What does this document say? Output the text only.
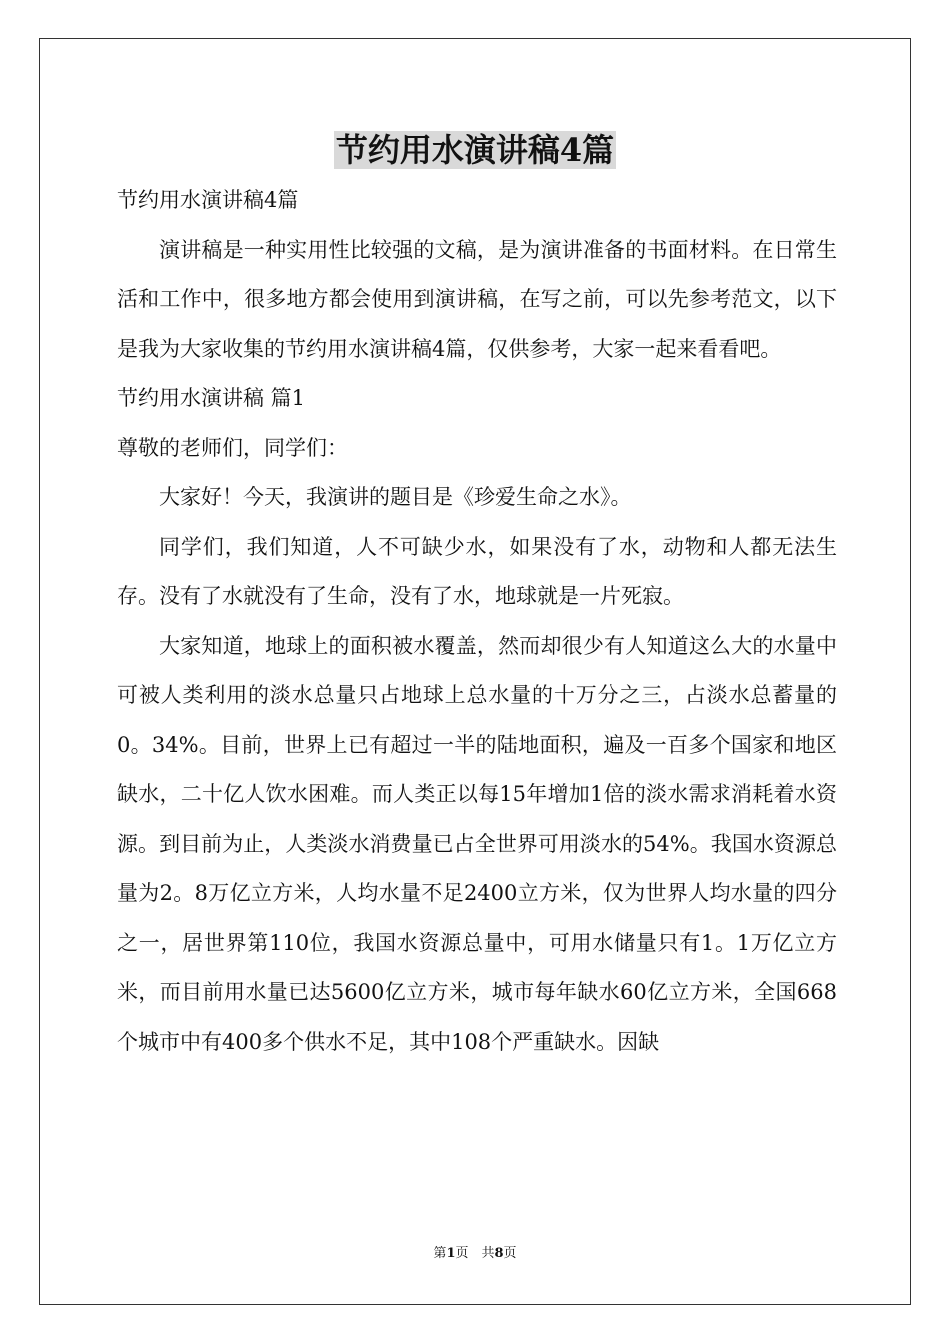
节约用水演讲稿4篇

节约用水演讲稿4篇

演讲稿是一种实用性比较强的文稿，是为演讲准备的书面材料。在日常生活和工作中，很多地方都会使用到演讲稿，在写之前，可以先参考范文，以下是我为大家收集的节约用水演讲稿4篇，仅供参考，大家一起来看看吧。

节约用水演讲稿 篇1

尊敬的老师们，同学们：

大家好！今天，我演讲的题目是《珍爱生命之水》。

同学们，我们知道，人不可缺少水，如果没有了水，动物和人都无法生存。没有了水就没有了生命，没有了水，地球就是一片死寂。

大家知道，地球上的面积被水覆盖，然而却很少有人知道这么大的水量中可被人类利用的淡水总量只占地球上总水量的十万分之三，占淡水总蓄量的0。34%。目前，世界上已有超过一半的陆地面积，遍及一百多个国家和地区缺水，二十亿人饮水困难。而人类正以每15年增加1倍的淡水需求消耗着水资源。到目前为止，人类淡水消费量已占全世界可用淡水的54%。我国水资源总量为2。8万亿立方米，人均水量不足2400立方米，仅为世界人均水量的四分之一，居世界第110位，我国水资源总量中，可用水储量只有1。1万亿立方米，而目前用水量已达5600亿立方米，城市每年缺水60亿立方米，全国668个城市中有400多个供水不足，其中108个严重缺水。因缺

第1页　共8页
